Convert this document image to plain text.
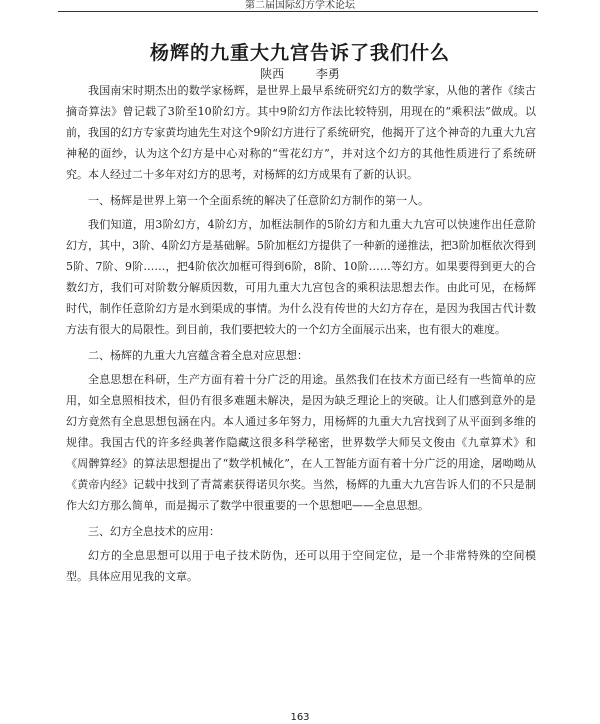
第二届国际幻方学术论坛
杨辉的九重大九宫告诉了我们什么
陕西	李勇

我国南宋时期杰出的数学家杨辉，是世界上最早系统研究幻方的数学家，从他的著作《续古摘奇算法》曾记载了3阶至10阶幻方。其中9阶幻方作法比较特别，用现在的“乘积法”做成。以前，我国的幻方专家黄均迪先生对这个9阶幻方进行了系统研究，他揭开了这个神奇的九重大九宫神秘的面纱，认为这个幻方是中心对称的“雪花幻方”，并对这个幻方的其他性质进行了系统研究。本人经过二十多年对幻方的思考，对杨辉的幻方成果有了新的认识。

一、杨辉是世界上第一个全面系统的解决了任意阶幻方制作的第一人。

我们知道，用3阶幻方，4阶幻方，加框法制作的5阶幻方和九重大九宫可以快速作出任意阶幻方，其中，3阶、4阶幻方是基础解。5阶加框幻方提供了一种新的递推法，把3阶加框依次得到5阶、7阶、9阶……，把4阶依次加框可得到6阶，8阶、10阶……等幻方。如果要得到更大的合数幻方，我们可对阶数分解质因数，可用九重大九宫包含的乘积法思想去作。由此可见，在杨辉时代，制作任意阶幻方是水到渠成的事情。为什么没有传世的大幻方存在，是因为我国古代计数方法有很大的局限性。到目前，我们要把较大的一个幻方全面展示出来，也有很大的难度。

二、杨辉的九重大九宫蕴含着全息对应思想：

全息思想在科研，生产方面有着十分广泛的用途。虽然我们在技术方面已经有一些简单的应用，如全息照相技术，但仍有很多难题未解决，是因为缺乏理论上的突破。让人们感到意外的是幻方竟然有全息思想包涵在内。本人通过多年努力，用杨辉的九重大九宫找到了从平面到多维的规律。我国古代的许多经典著作隐藏这很多科学秘密，世界数学大师吴文俊由《九章算术》和《周髀算经》的算法思想提出了“数学机械化”，在人工智能方面有着十分广泛的用途，屠呦呦从《黄帝内经》记载中找到了青蒿素获得诺贝尔奖。当然，杨辉的九重大九宫告诉人们的不只是制作大幻方那么简单，而是揭示了数学中很重要的一个思想吧——全息思想。

三、幻方全息技术的应用：

幻方的全息思想可以用于电子技术防伪，还可以用于空间定位，是一个非常特殊的空间模型。具体应用见我的文章。

163
